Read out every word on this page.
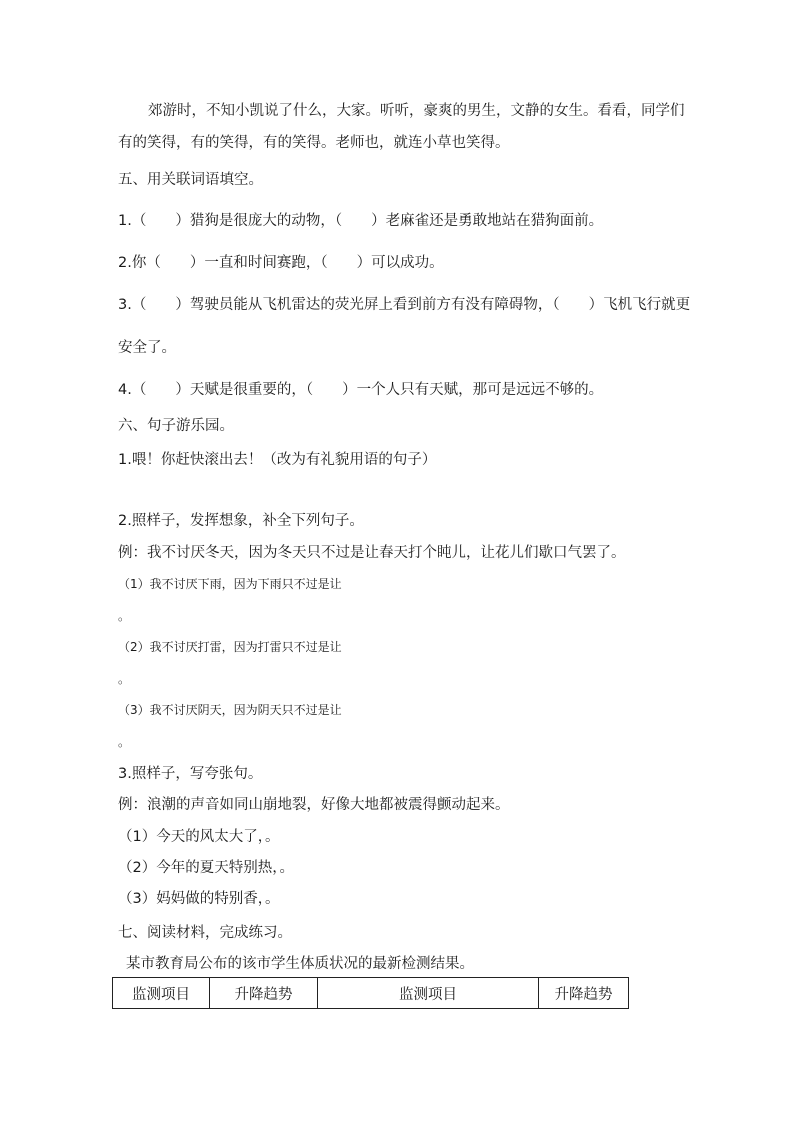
郊游时，不知小凯说了什么，大家。听听，豪爽的男生，文静的女生。看看，同学们
有的笑得，有的笑得，有的笑得。老师也，就连小草也笑得。
五、用关联词语填空。
1.（　　）猎狗是很庞大的动物，（　　）老麻雀还是勇敢地站在猎狗面前。
2.你（　　）一直和时间赛跑，（　　）可以成功。
3.（　　）驾驶员能从飞机雷达的荧光屏上看到前方有没有障碍物，（　　）飞机飞行就更
安全了。
4.（　　）天赋是很重要的，（　　）一个人只有天赋，那可是远远不够的。
六、句子游乐园。
1.喂！你赶快滚出去！（改为有礼貌用语的句子）
2.照样子，发挥想象，补全下列句子。
例：我不讨厌冬天，因为冬天只不过是让春天打个盹儿，让花儿们歇口气罢了。
（1）我不讨厌下雨，因为下雨只不过是让
。
（2）我不讨厌打雷，因为打雷只不过是让
。
（3）我不讨厌阴天，因为阴天只不过是让
。
3.照样子，写夸张句。
例：浪潮的声音如同山崩地裂，好像大地都被震得颤动起来。
（1）今天的风太大了，。
（2）今年的夏天特别热，。
（3）妈妈做的特别香，。
七、阅读材料，完成练习。
某市教育局公布的该市学生体质状况的最新检测结果。
监测项目	升降趋势	监测项目	升降趋势
